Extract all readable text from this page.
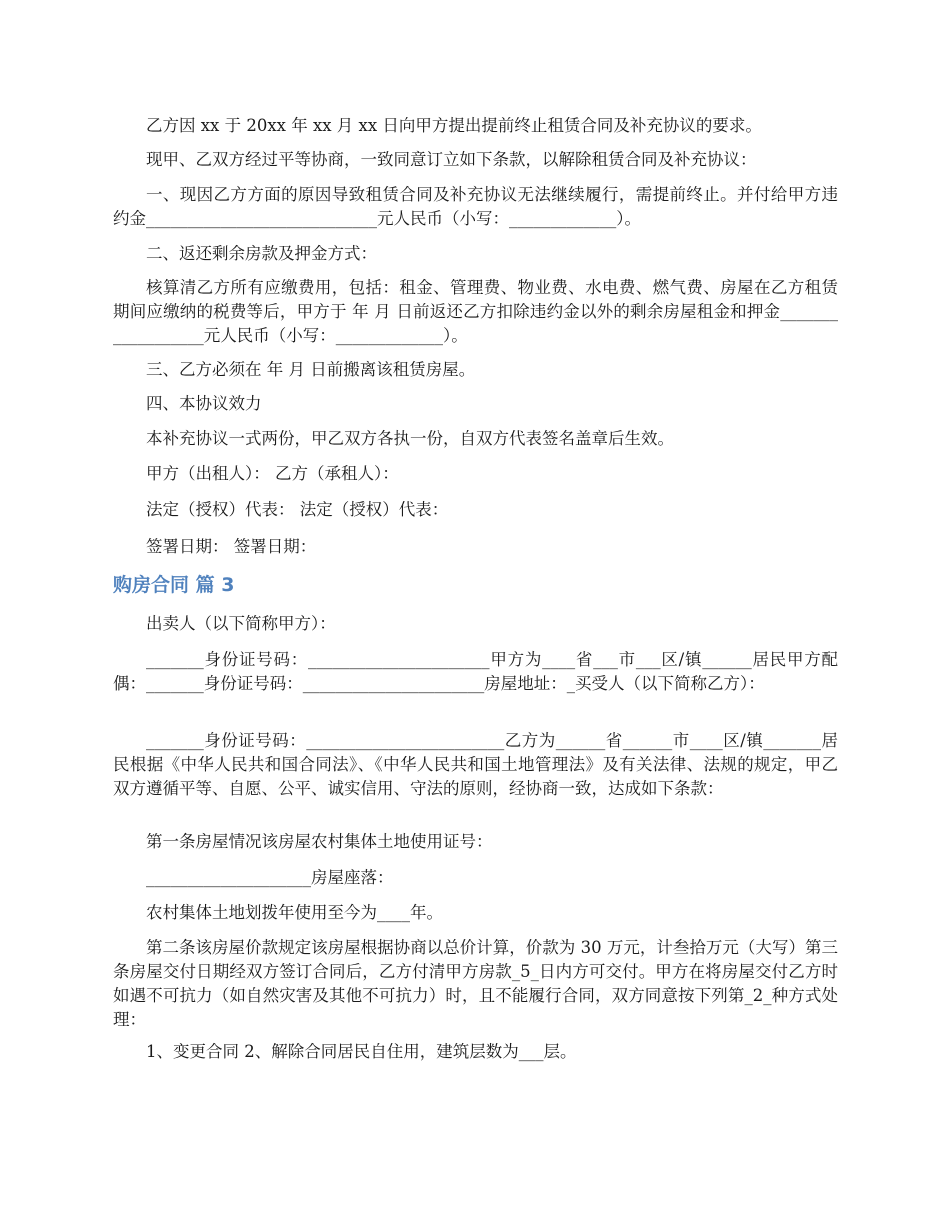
乙方因 xx 于 20xx 年 xx 月 xx 日向甲方提出提前终止租赁合同及补充协议的要求。

现甲、乙双方经过平等协商，一致同意订立如下条款，以解除租赁合同及补充协议：

一、现因乙方方面的原因导致租赁合同及补充协议无法继续履行，需提前终止。并付给甲方违约金____________________________元人民币（小写：_____________）。

二、返还剩余房款及押金方式：

核算清乙方所有应缴费用，包括：租金、管理费、物业费、水电费、燃气费、房屋在乙方租赁期间应缴纳的税费等后，甲方于 年 月 日前返还乙方扣除违约金以外的剩余房屋租金和押金__________________元人民币（小写：_____________）。

三、乙方必须在 年 月 日前搬离该租赁房屋。

四、本协议效力

本补充协议一式两份，甲乙双方各执一份，自双方代表签名盖章后生效。

甲方（出租人）： 乙方（承租人）：

法定（授权）代表： 法定（授权）代表：

签署日期： 签署日期：

购房合同 篇 3

出卖人（以下简称甲方）：

_______身份证号码：______________________甲方为____省___市___区/镇______居民甲方配偶：_______身份证号码：______________________房屋地址：_买受人（以下简称乙方）：

_______身份证号码：________________________乙方为______省______市____区/镇_______居民根据《中华人民共和国合同法》、《中华人民共和国土地管理法》及有关法律、法规的规定，甲乙双方遵循平等、自愿、公平、诚实信用、守法的原则，经协商一致，达成如下条款：

第一条房屋情况该房屋农村集体土地使用证号：

____________________房屋座落：

农村集体土地划拨年使用至今为____年。

第二条该房屋价款规定该房屋根据协商以总价计算，价款为 30 万元，计叁拾万元（大写）第三条房屋交付日期经双方签订合同后，乙方付清甲方房款_5_日内方可交付。甲方在将房屋交付乙方时如遇不可抗力（如自然灾害及其他不可抗力）时，且不能履行合同，双方同意按下列第_2_种方式处理：

1、变更合同 2、解除合同居民自住用，建筑层数为___层。
